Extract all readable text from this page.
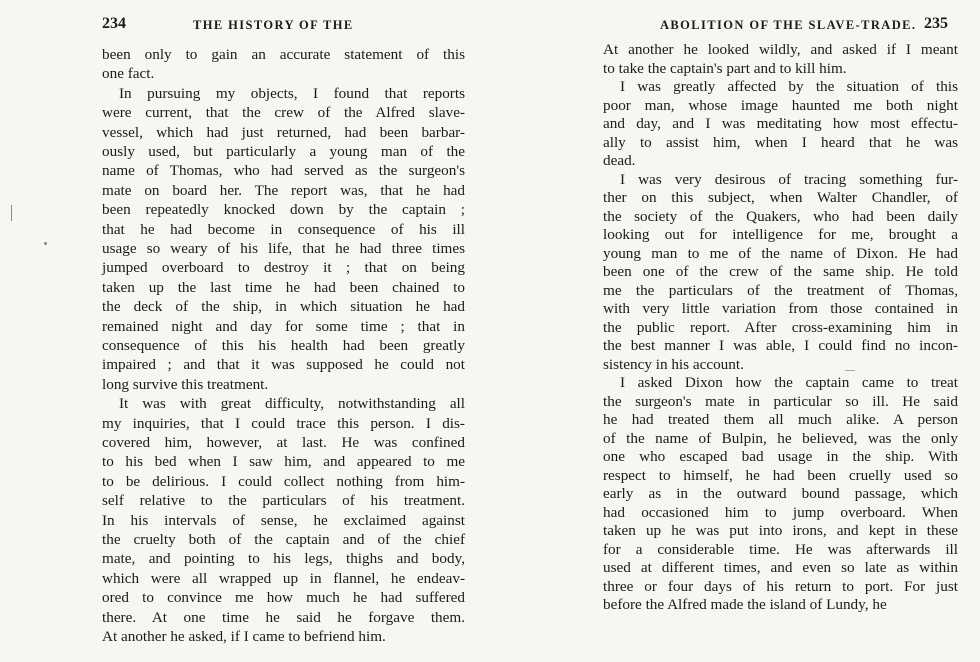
234	THE HISTORY OF THE
been only to gain an accurate statement of this
one fact.
In pursuing my objects, I found that reports
were current, that the crew of the Alfred slave-
vessel, which had just returned, had been barbar-
ously used, but particularly a young man of the
name of Thomas, who had served as the surgeon's
mate on board her. The report was, that he had
been repeatedly knocked down by the captain ;
that he had become in consequence of his ill
usage so weary of his life, that he had three times
jumped overboard to destroy it ; that on being
taken up the last time he had been chained to
the deck of the ship, in which situation he had
remained night and day for some time ; that in
consequence of this his health had been greatly
impaired ; and that it was supposed he could not
long survive this treatment.
It was with great difficulty, notwithstanding all
my inquiries, that I could trace this person. I dis-
covered him, however, at last. He was confined
to his bed when I saw him, and appeared to me
to be delirious. I could collect nothing from him-
self relative to the particulars of his treatment.
In his intervals of sense, he exclaimed against
the cruelty both of the captain and of the chief
mate, and pointing to his legs, thighs and body,
which were all wrapped up in flannel, he endeav-
ored to convince me how much he had suffered
there. At one time he said he forgave them.
At another he asked, if I came to befriend him.
ABOLITION OF THE SLAVE-TRADE. 235
At another he looked wildly, and asked if I meant
to take the captain's part and to kill him.
I was greatly affected by the situation of this
poor man, whose image haunted me both night
and day, and I was meditating how most effectu-
ally to assist him, when I heard that he was
dead.
I was very desirous of tracing something fur-
ther on this subject, when Walter Chandler, of
the society of the Quakers, who had been daily
looking out for intelligence for me, brought a
young man to me of the name of Dixon. He had
been one of the crew of the same ship. He told
me the particulars of the treatment of Thomas,
with very little variation from those contained in
the public report. After cross-examining him in
the best manner I was able, I could find no incon-
sistency in his account.
I asked Dixon how the captain came to treat
the surgeon's mate in particular so ill. He said
he had treated them all much alike. A person
of the name of Bulpin, he believed, was the only
one who escaped bad usage in the ship. With
respect to himself, he had been cruelly used so
early as in the outward bound passage, which
had occasioned him to jump overboard. When
taken up he was put into irons, and kept in these
for a considerable time. He was afterwards ill
used at different times, and even so late as within
three or four days of his return to port. For just
before the Alfred made the island of Lundy, he
